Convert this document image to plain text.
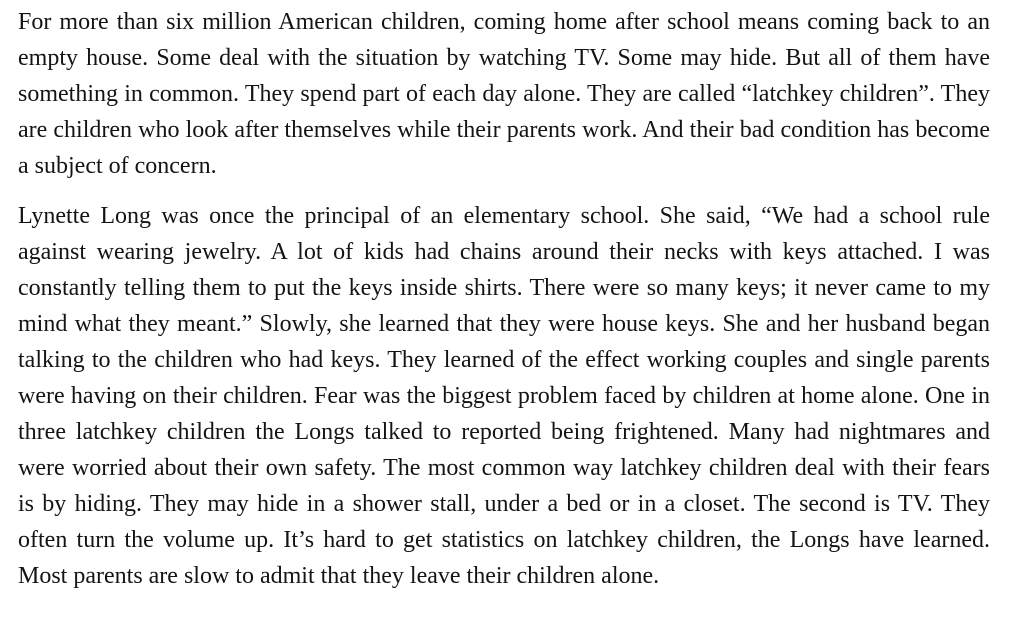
For more than six million American children, coming home after school means coming back to an empty house. Some deal with the situation by watching TV. Some may hide. But all of them have something in common. They spend part of each day alone. They are called “latchkey children”. They are children who look after themselves while their parents work. And their bad condition has become a subject of concern.

Lynette Long was once the principal of an elementary school. She said, “We had a school rule against wearing jewelry. A lot of kids had chains around their necks with keys attached. I was constantly telling them to put the keys inside shirts. There were so many keys; it never came to my mind what they meant.” Slowly, she learned that they were house keys. She and her husband began talking to the children who had keys. They learned of the effect working couples and single parents were having on their children. Fear was the biggest problem faced by children at home alone. One in three latchkey children the Longs talked to reported being frightened. Many had nightmares and were worried about their own safety. The most common way latchkey children deal with their fears is by hiding. They may hide in a shower stall, under a bed or in a closet. The second is TV. They often turn the volume up. It’s hard to get statistics on latchkey children, the Longs have learned. Most parents are slow to admit that they leave their children alone.
